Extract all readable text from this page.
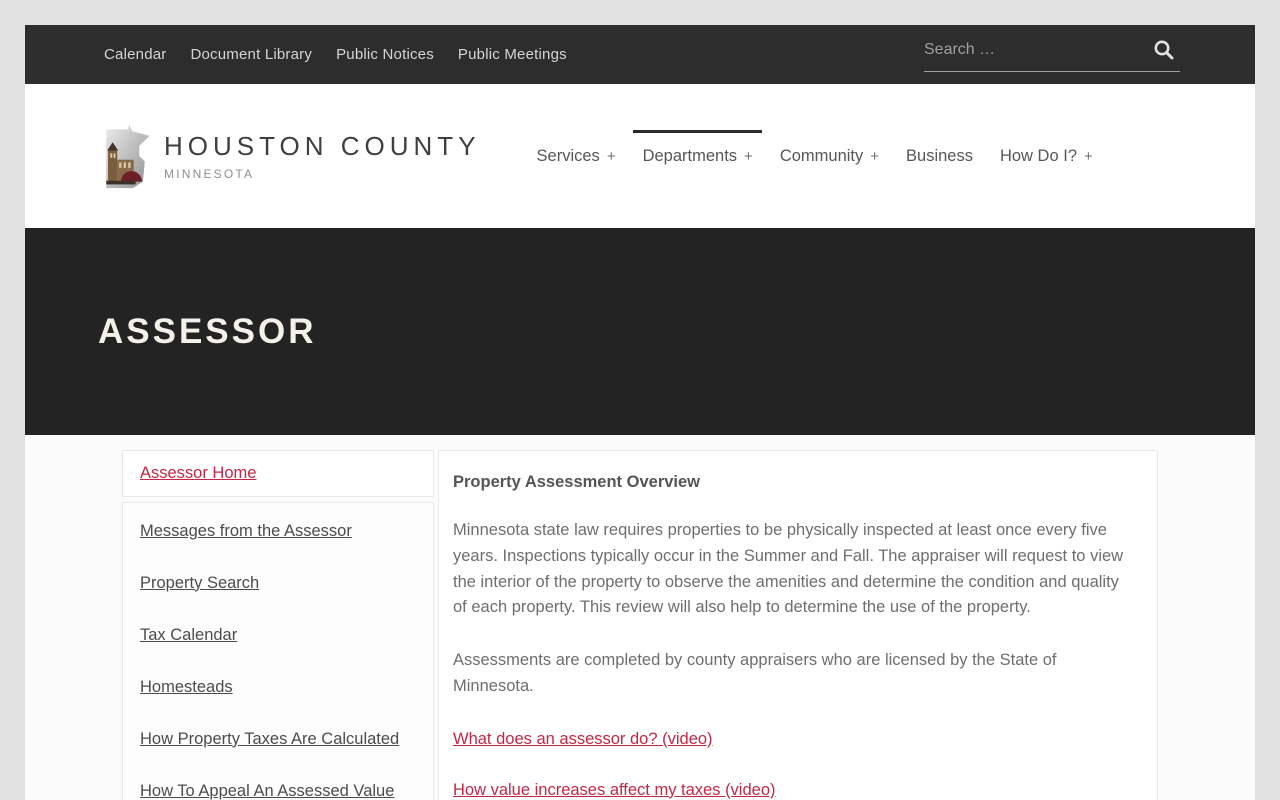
Calendar Document Library Public Notices Public Meetings
Search …
HOUSTON COUNTY
MINNESOTA
Services + Departments + Community + Business How Do I? +
ASSESSOR
Assessor Home
Messages from the Assessor
Property Search
Tax Calendar
Homesteads
How Property Taxes Are Calculated
How To Appeal An Assessed Value
Property Assessment Overview

Minnesota state law requires properties to be physically inspected at least once every five years. Inspections typically occur in the Summer and Fall. The appraiser will request to view the interior of the property to observe the amenities and determine the condition and quality of each property. This review will also help to determine the use of the property.

Assessments are completed by county appraisers who are licensed by the State of Minnesota.

What does an assessor do? (video)

How value increases affect my taxes (video)
